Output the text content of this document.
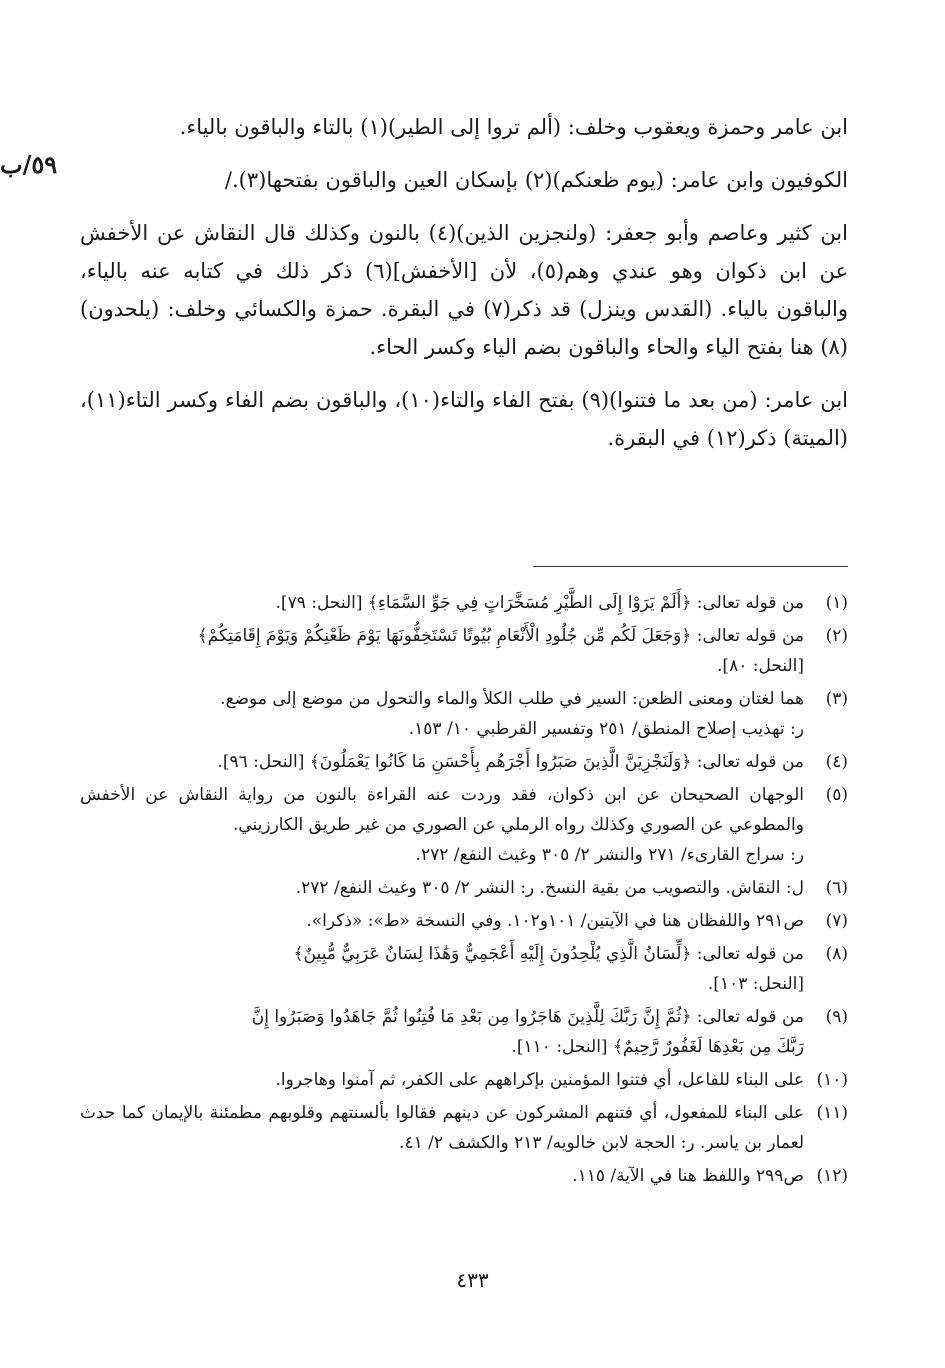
٥٩/ب

ابن عامر وحمزة ويعقوب وخلف: (ألم تروا إلى الطير)(١) بالتاء والباقون بالياء.

الكوفيون وابن عامر: (يوم ظعنكم)(٢) بإسكان العين والباقون بفتحها(٣)./

ابن كثير وعاصم وأبو جعفر: (ولنجزين الذين)(٤) بالنون وكذلك قال النقاش عن الأخفش عن ابن ذكوان وهو عندي وهم(٥)، لأن [الأخفش](٦) ذكر ذلك في كتابه عنه بالياء، والباقون بالياء. (القدس وينزل) قد ذكر(٧) في البقرة. حمزة والكسائي وخلف: (يلحدون)(٨) هنا بفتح الياء والحاء والباقون بضم الياء وكسر الحاء.

ابن عامر: (من بعد ما فتنوا)(٩) بفتح الفاء والتاء(١٠)، والباقون بضم الفاء وكسر التاء(١١)، (الميتة) ذكر(١٢) في البقرة.

(١)
من قوله تعالى: ﴿أَلَمْ يَرَوْا إِلَى الطَّيْرِ مُسَخَّرَاتٍ فِي جَوِّ السَّمَاءِ﴾ [النحل: ٧٩].
(٢)
من قوله تعالى: ﴿وَجَعَلَ لَكُم مِّن جُلُودِ الْأَنْعَامِ بُيُوتًا تَسْتَخِفُّونَهَا يَوْمَ ظَعْنِكُمْ وَيَوْمَ إِقَامَتِكُمْ﴾
[النحل: ٨٠].
(٣)
هما لغتان ومعنى الظعن: السير في طلب الكلأ والماء والتحول من موضع إلى موضع.
ر: تهذيب إصلاح المنطق/ ٢٥١ وتفسير القرطبي ١٠/ ١٥٣.
(٤)
من قوله تعالى: ﴿وَلَنَجْزِيَنَّ الَّذِينَ صَبَرُوا أَجْرَهُم بِأَحْسَنِ مَا كَانُوا يَعْمَلُونَ﴾ [النحل: ٩٦].
(٥)
الوجهان الصحيحان عن ابن ذكوان، فقد وردت عنه القراءة بالنون من رواية النقاش عن الأخفش والمطوعي عن الصوري وكذلك رواه الرملي عن الصوري من غير طريق الكارزيني.
ر: سراج القارىء/ ٢٧١ والنشر ٢/ ٣٠٥ وغيث النفع/ ٢٧٢.
(٦)
ل: النقاش. والتصويب من بقية النسخ. ر: النشر ٢/ ٣٠٥ وغيث النفع/ ٢٧٢.
(٧)
ص٢٩١ واللفظان هنا في الآيتين/ ١٠١و١٠٢. وفي النسخة «ط»: «ذكرا».
(٨)
من قوله تعالى: ﴿لِّسَانُ الَّذِي يُلْحِدُونَ إِلَيْهِ أَعْجَمِيٌّ وَهَٰذَا لِسَانٌ عَرَبِيٌّ مُّبِينٌ﴾
[النحل: ١٠٣].
(٩)
من قوله تعالى: ﴿ثُمَّ إِنَّ رَبَّكَ لِلَّذِينَ هَاجَرُوا مِن بَعْدِ مَا فُتِنُوا ثُمَّ جَاهَدُوا وَصَبَرُوا إِنَّ
رَبَّكَ مِن بَعْدِهَا لَغَفُورٌ رَّحِيمٌ﴾ [النحل: ١١٠].
(١٠)
على البناء للفاعل، أي فتنوا المؤمنين بإكراههم على الكفر، ثم آمنوا وهاجروا.
(١١)
على البناء للمفعول، أي فتنهم المشركون عن دينهم فقالوا بألسنتهم وقلوبهم مطمئنة بالإيمان كما حدث لعمار بن ياسر. ر: الحجة لابن خالويه/ ٢١٣ والكشف ٢/ ٤١.
(١٢)
ص٢٩٩ واللفظ هنا في الآية/ ١١٥.
٤٣٣
